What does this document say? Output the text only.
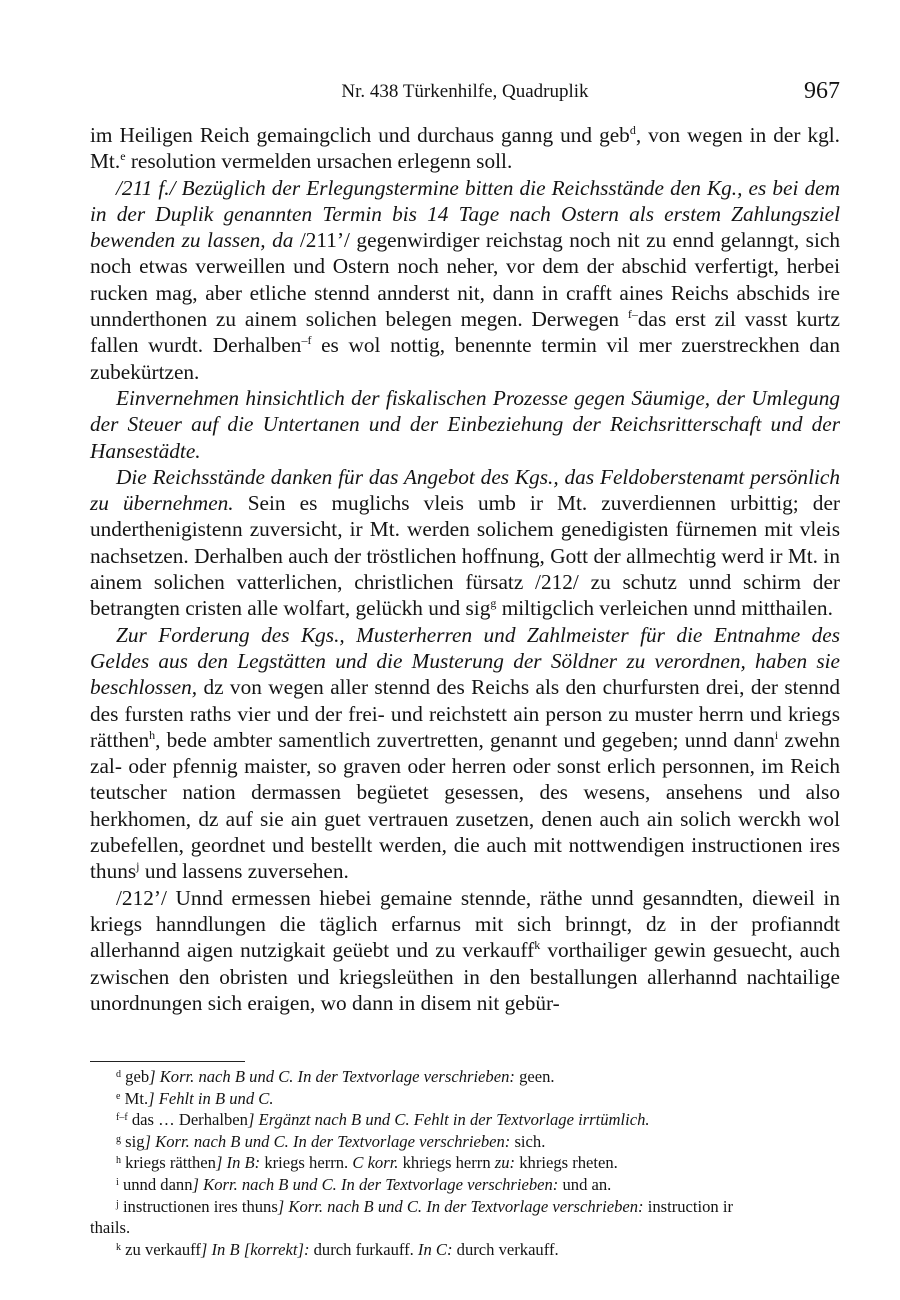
Nr. 438 Türkenhilfe, Quadruplik	967

im Heiligen Reich gemaingclich und durchaus ganng und geb$^d$, von wegen in der kgl. Mt.$^e$ resolution vermelden ursachen erlegenn soll.

/211 f./ Bezüglich der Erlegungstermine bitten die Reichsstände den Kg., es bei dem in der Duplik genannten Termin bis 14 Tage nach Ostern als erstem Zahlungsziel bewenden zu lassen, da /211’/ gegenwirdiger reichstag noch nit zu ennd gelanngt, sich noch etwas verweillen und Ostern noch neher, vor dem der abschid verfertigt, herbei rucken mag, aber etliche stennd annderst nit, dann in crafft aines Reichs abschids ire unnderthonen zu ainem solichen belegen megen. Derwegen $^{f-}$das erst zil vasst kurtz fallen wurdt. Derhalben$^{-f}$ es wol nottig, benennte termin vil mer zuerstreckhen dan zubekürtzen.

Einvernehmen hinsichtlich der fiskalischen Prozesse gegen Säumige, der Umlegung der Steuer auf die Untertanen und der Einbeziehung der Reichsritterschaft und der Hansestädte.

Die Reichsstände danken für das Angebot des Kgs., das Feldoberstenamt persönlich zu übernehmen. Sein es muglichs vleis umb ir Mt. zuverdiennen urbittig; der underthenigistenn zuversicht, ir Mt. werden solichem genedigisten fürnemen mit vleis nachsetzen. Derhalben auch der tröstlichen hoffnung, Gott der allmechtig werd ir Mt. in ainem solichen vatterlichen, christlichen fürsatz /212/ zu schutz unnd schirm der betrangten cristen alle wolfart, gelückh und sig$^g$ miltigclich verleichen unnd mitthailen.

Zur Forderung des Kgs., Musterherren und Zahlmeister für die Entnahme des Geldes aus den Legstätten und die Musterung der Söldner zu verordnen, haben sie beschlossen, dz von wegen aller stennd des Reichs als den churfursten drei, der stennd des fursten raths vier und der frei- und reichstett ain person zu muster herrn und kriegs rätthen$^h$, bede ambter samentlich zuvertretten, genannt und gegeben; unnd dann$^i$ zwehn zal- oder pfennig maister, so graven oder herren oder sonst erlich personnen, im Reich teutscher nation dermassen begüetet gesessen, des wesens, ansehens und also herkhomen, dz auf sie ain guet vertrauen zusetzen, denen auch ain solich werckh wol zubefellen, geordnet und bestellt werden, die auch mit nottwendigen instructionen ires thuns$^j$ und lassens zuversehen.

/212’/ Unnd ermessen hiebei gemaine stennde, räthe unnd gesanndten, dieweil in kriegs hanndlungen die täglich erfarnus mit sich brinngt, dz in der profianndt allerhannd aigen nutzigkait geüebt und zu verkauff$^k$ vorthailiger gewin gesuecht, auch zwischen den obristen und kriegsleüthen in den bestallungen allerhannd nachtailige unordnungen sich eraigen, wo dann in disem nit gebür-

$^d$ geb] Korr. nach B und C. In der Textvorlage verschrieben: geen.

$^e$ Mt.] Fehlt in B und C.

$^{f-f}$ das … Derhalben] Ergänzt nach B und C. Fehlt in der Textvorlage irrtümlich.

$^g$ sig] Korr. nach B und C. In der Textvorlage verschrieben: sich.

$^h$ kriegs rätthen] In B: kriegs herrn. C korr. khriegs herrn zu: khriegs rheten.

$^i$ unnd dann] Korr. nach B und C. In der Textvorlage verschrieben: und an.

$^j$ instructionen ires thuns] Korr. nach B und C. In der Textvorlage verschrieben: instruction ir

thails.

$^k$ zu verkauff] In B [korrekt]: durch furkauff. In C: durch verkauff.
